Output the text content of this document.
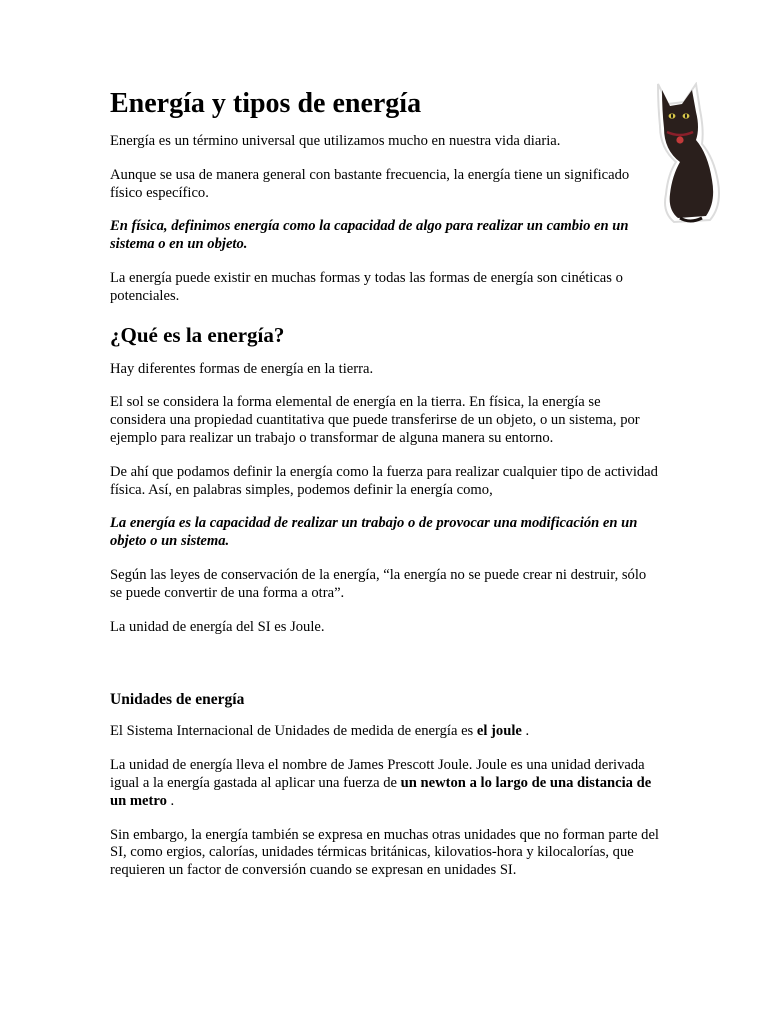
Energía y tipos de energía

Energía es un término universal que utilizamos mucho en nuestra vida diaria.

Aunque se usa de manera general con bastante frecuencia, la energía tiene un significado físico específico.

En física, definimos energía como la capacidad de algo para realizar un cambio en un sistema o en un objeto.

La energía puede existir en muchas formas y todas las formas de energía son cinéticas o potenciales.

¿Qué es la energía?

Hay diferentes formas de energía en la tierra.

El sol se considera la forma elemental de energía en la tierra. En física, la energía se considera una propiedad cuantitativa que puede transferirse de un objeto, o un sistema, por ejemplo para realizar un trabajo o transformar de alguna manera su entorno.

De ahí que podamos definir la energía como la fuerza para realizar cualquier tipo de actividad física. Así, en palabras simples, podemos definir la energía como,

La energía es la capacidad de realizar un trabajo o de provocar una modificación en un objeto o un sistema.

Según las leyes de conservación de la energía, “la energía no se puede crear ni destruir, sólo se puede convertir de una forma a otra”.

La unidad de energía del SI es Joule.

Unidades de energía

El Sistema Internacional de Unidades de medida de energía es el joule .

La unidad de energía lleva el nombre de James Prescott Joule. Joule es una unidad derivada igual a la energía gastada al aplicar una fuerza de un newton a lo largo de una distancia de un metro .

Sin embargo, la energía también se expresa en muchas otras unidades que no forman parte del SI, como ergios, calorías, unidades térmicas británicas, kilovatios-hora y kilocalorías, que requieren un factor de conversión cuando se expresan en unidades SI.
